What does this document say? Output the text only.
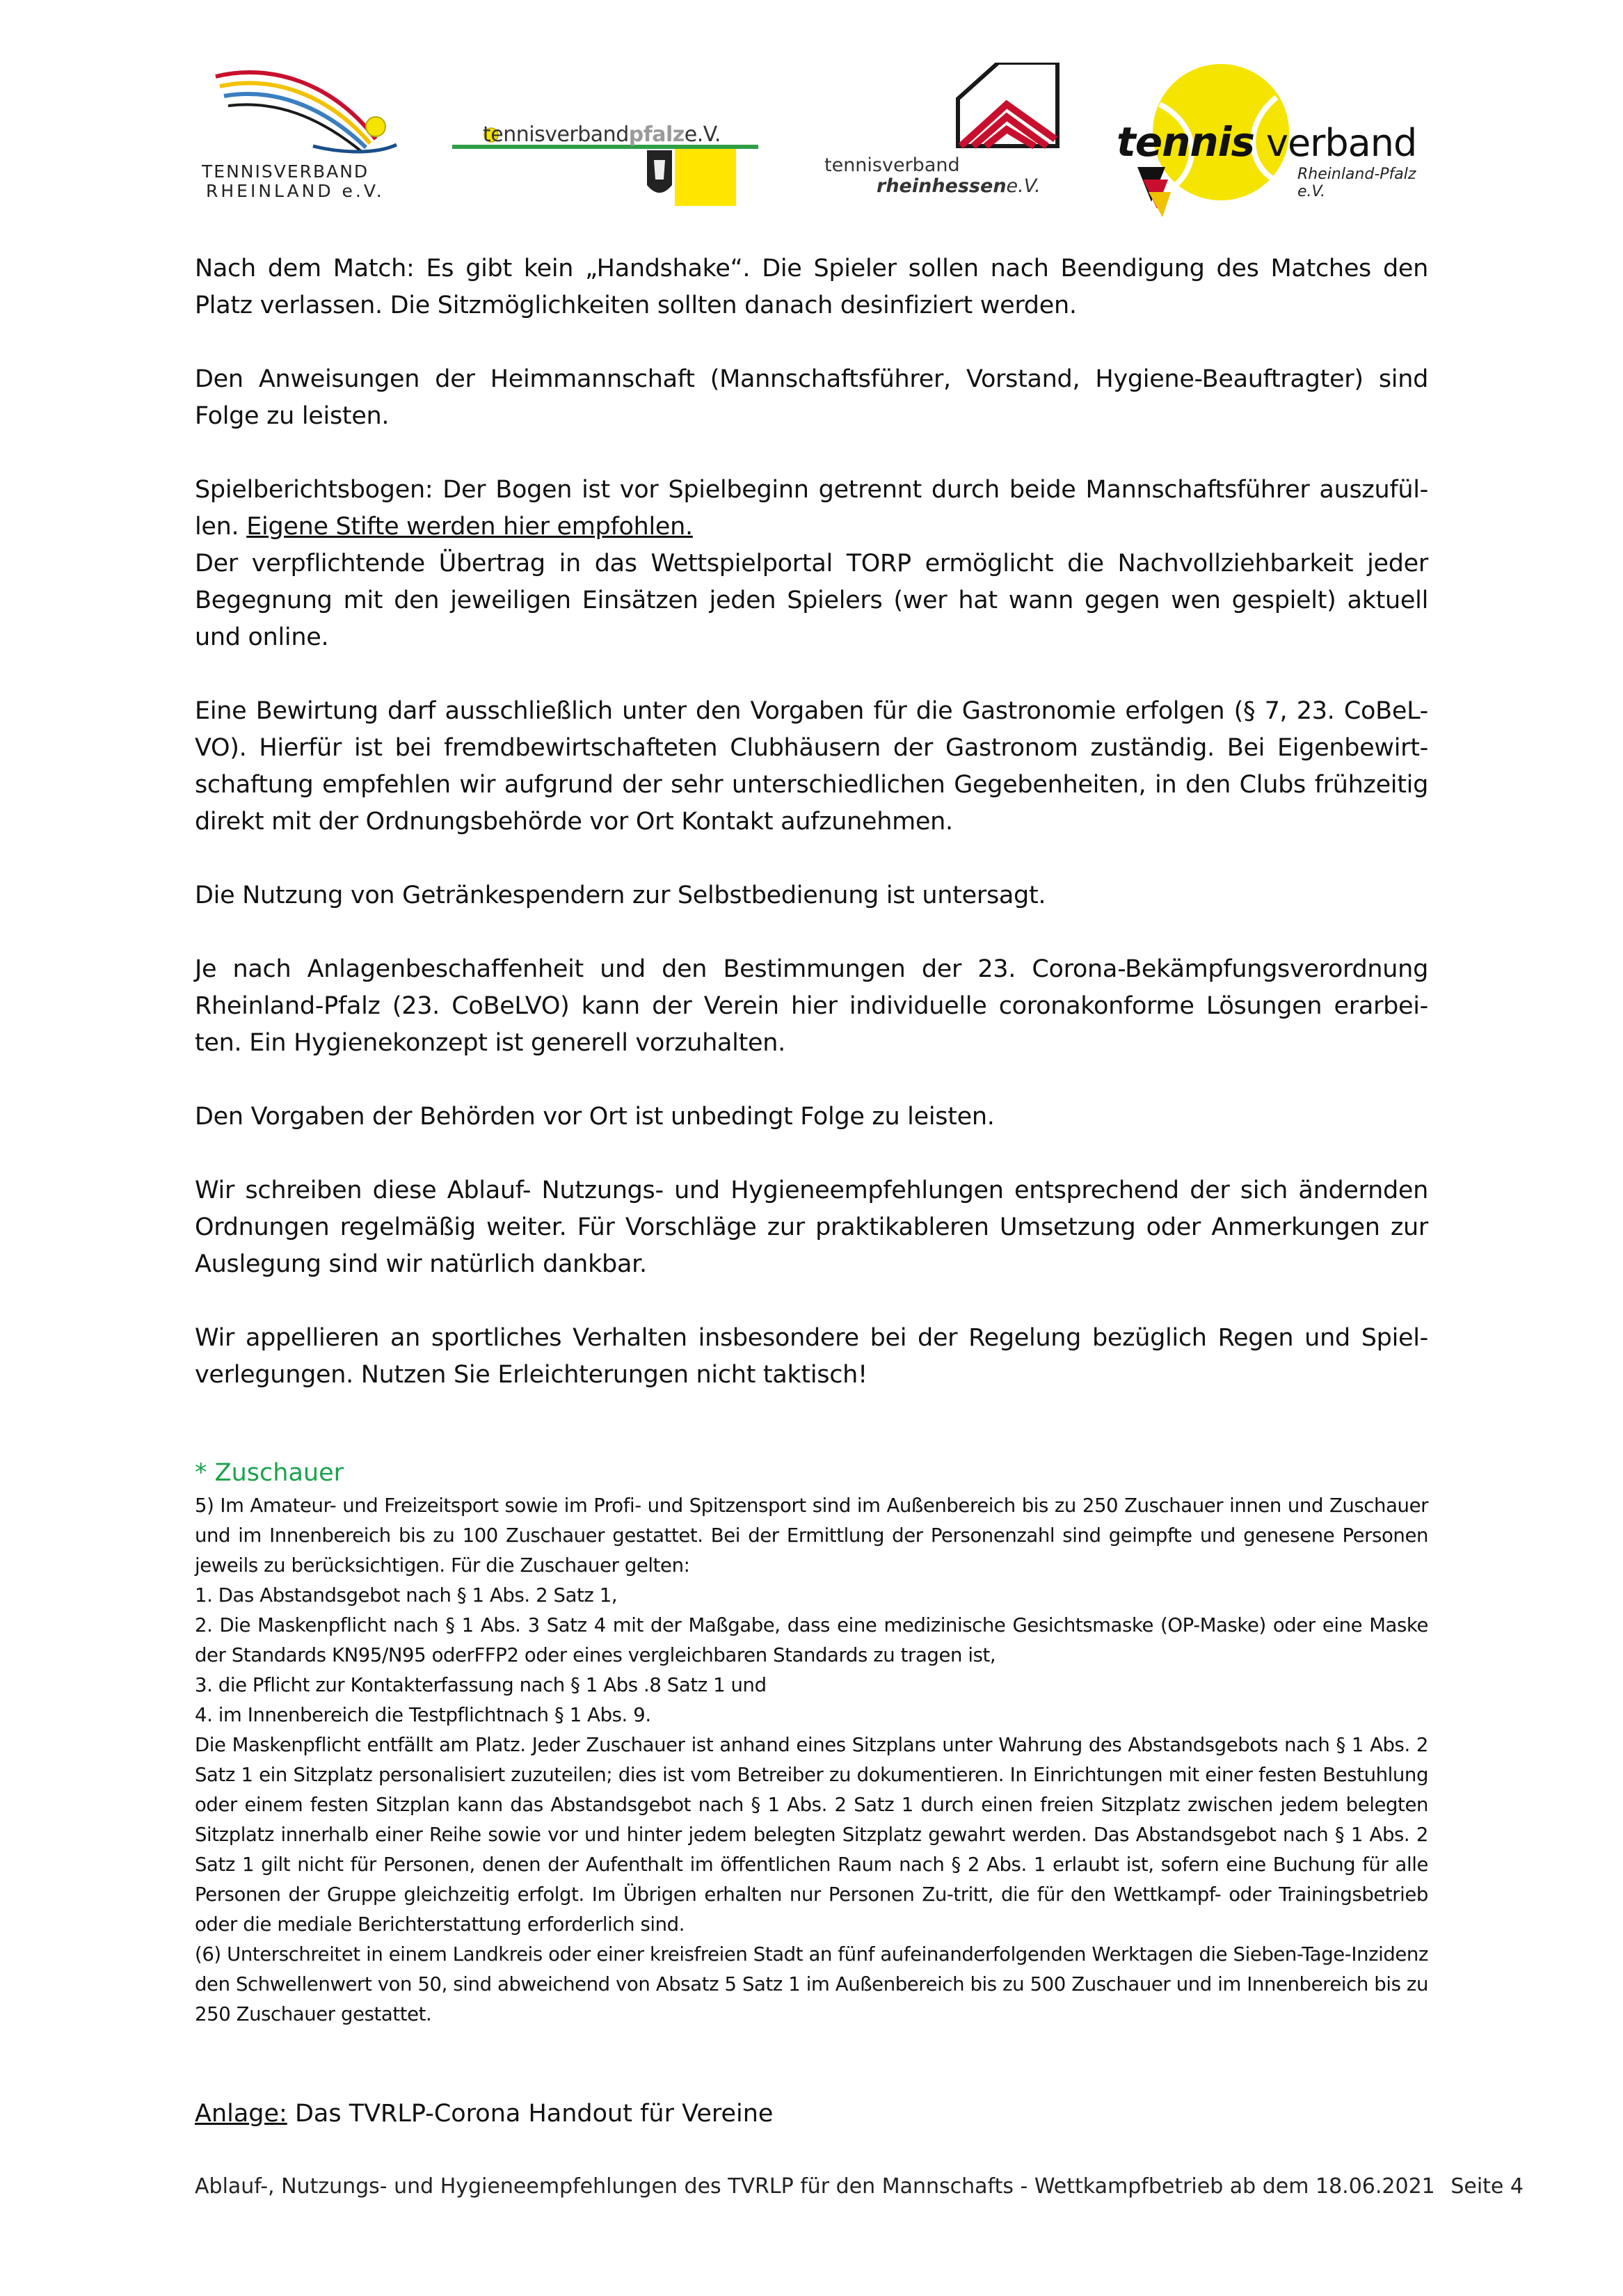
TENNISVERBAND
RHEINLAND e.V.
tennisverbandpfalze.V.
tennisverband
rheinhessene.V.
tennis verband
Rheinland-Pfalz e.V.
Nach dem Match: Es gibt kein „Handshake“. Die Spieler sollen nach Beendigung des Matches den Platz verlassen. Die Sitzmöglichkeiten sollten danach desinfiziert werden.
Den Anweisungen der Heimmannschaft (Mannschaftsführer, Vorstand, Hygiene-Beauftragter) sind Folge zu leisten.

Spielberichtsbogen: Der Bogen ist vor Spielbeginn getrennt durch beide Mannschaftsführer auszufül-len. Eigene Stifte werden hier empfohlen.

Der verpflichtende Übertrag in das Wettspielportal TORP ermöglicht die Nachvollziehbarkeit jeder Begegnung mit den jeweiligen Einsätzen jeden Spielers (wer hat wann gegen wen gespielt) aktuell und online.

Eine Bewirtung darf ausschließlich unter den Vorgaben für die Gastronomie erfolgen (§ 7, 23. CoBeL-VO). Hierfür ist bei fremdbewirtschafteten Clubhäusern der Gastronom zuständig. Bei Eigenbewirt-schaftung empfehlen wir aufgrund der sehr unterschiedlichen Gegebenheiten, in den Clubs frühzeitig direkt mit der Ordnungsbehörde vor Ort Kontakt aufzunehmen.
Die Nutzung von Getränkespendern zur Selbstbedienung ist untersagt.
Je nach Anlagenbeschaffenheit und den Bestimmungen der 23. Corona-Bekämpfungsverordnung Rheinland-Pfalz (23. CoBeLVO) kann der Verein hier individuelle coronakonforme Lösungen erarbei-ten. Ein Hygienekonzept ist generell vorzuhalten.
Den Vorgaben der Behörden vor Ort ist unbedingt Folge zu leisten.
Wir schreiben diese Ablauf- Nutzungs- und Hygieneempfehlungen entsprechend der sich ändernden Ordnungen regelmäßig weiter. Für Vorschläge zur praktikableren Umsetzung oder Anmerkungen zur Auslegung sind wir natürlich dankbar.
Wir appellieren an sportliches Verhalten insbesondere bei der Regelung bezüglich Regen und Spiel-verlegungen. Nutzen Sie Erleichterungen nicht taktisch!
* Zuschauer

5) Im Amateur- und Freizeitsport sowie im Profi- und Spitzensport sind im Außenbereich bis zu 250 Zuschauer innen und Zuschauer und im Innenbereich bis zu 100 Zuschauer gestattet. Bei der Ermittlung der Personenzahl sind geimpfte und genesene Personen jeweils zu berücksichtigen. Für die Zuschauer gelten:

1. Das Abstandsgebot nach § 1 Abs. 2 Satz 1,

2. Die Maskenpflicht nach § 1 Abs. 3 Satz 4 mit der Maßgabe, dass eine medizinische Gesichtsmaske (OP-Maske) oder eine Maske der Standards KN95/N95 oderFFP2 oder eines vergleichbaren Standards zu tragen ist,

3. die Pflicht zur Kontakterfassung nach § 1 Abs .8 Satz 1 und

4. im Innenbereich die Testpflichtnach § 1 Abs. 9.

Die Maskenpflicht entfällt am Platz. Jeder Zuschauer ist anhand eines Sitzplans unter Wahrung des Abstandsgebots nach § 1 Abs. 2 Satz 1 ein Sitzplatz personalisiert zuzuteilen; dies ist vom Betreiber zu dokumentieren. In Einrichtungen mit einer festen Bestuhlung oder einem festen Sitzplan kann das Abstandsgebot nach § 1 Abs. 2 Satz 1 durch einen freien Sitzplatz zwischen jedem belegten Sitzplatz innerhalb einer Reihe sowie vor und hinter jedem belegten Sitzplatz gewahrt werden. Das Abstandsgebot nach § 1 Abs. 2 Satz 1 gilt nicht für Personen, denen der Aufenthalt im öffentlichen Raum nach § 2 Abs. 1 erlaubt ist, sofern eine Buchung für alle Personen der Gruppe gleichzeitig erfolgt. Im Übrigen erhalten nur Personen Zu-tritt, die für den Wettkampf- oder Trainingsbetrieb oder die mediale Berichterstattung erforderlich sind.

(6) Unterschreitet in einem Landkreis oder einer kreisfreien Stadt an fünf aufeinanderfolgenden Werktagen die Sieben-Tage-Inzidenz den Schwellenwert von 50, sind abweichend von Absatz 5 Satz 1 im Außenbereich bis zu 500 Zuschauer und im Innenbereich bis zu 250 Zuschauer gestattet.

Anlage: Das TVRLP-Corona Handout für Vereine
Ablauf-, Nutzungs- und Hygieneempfehlungen des TVRLP für den Mannschafts - Wettkampfbetrieb ab dem 18.06.2021 Seite 4
